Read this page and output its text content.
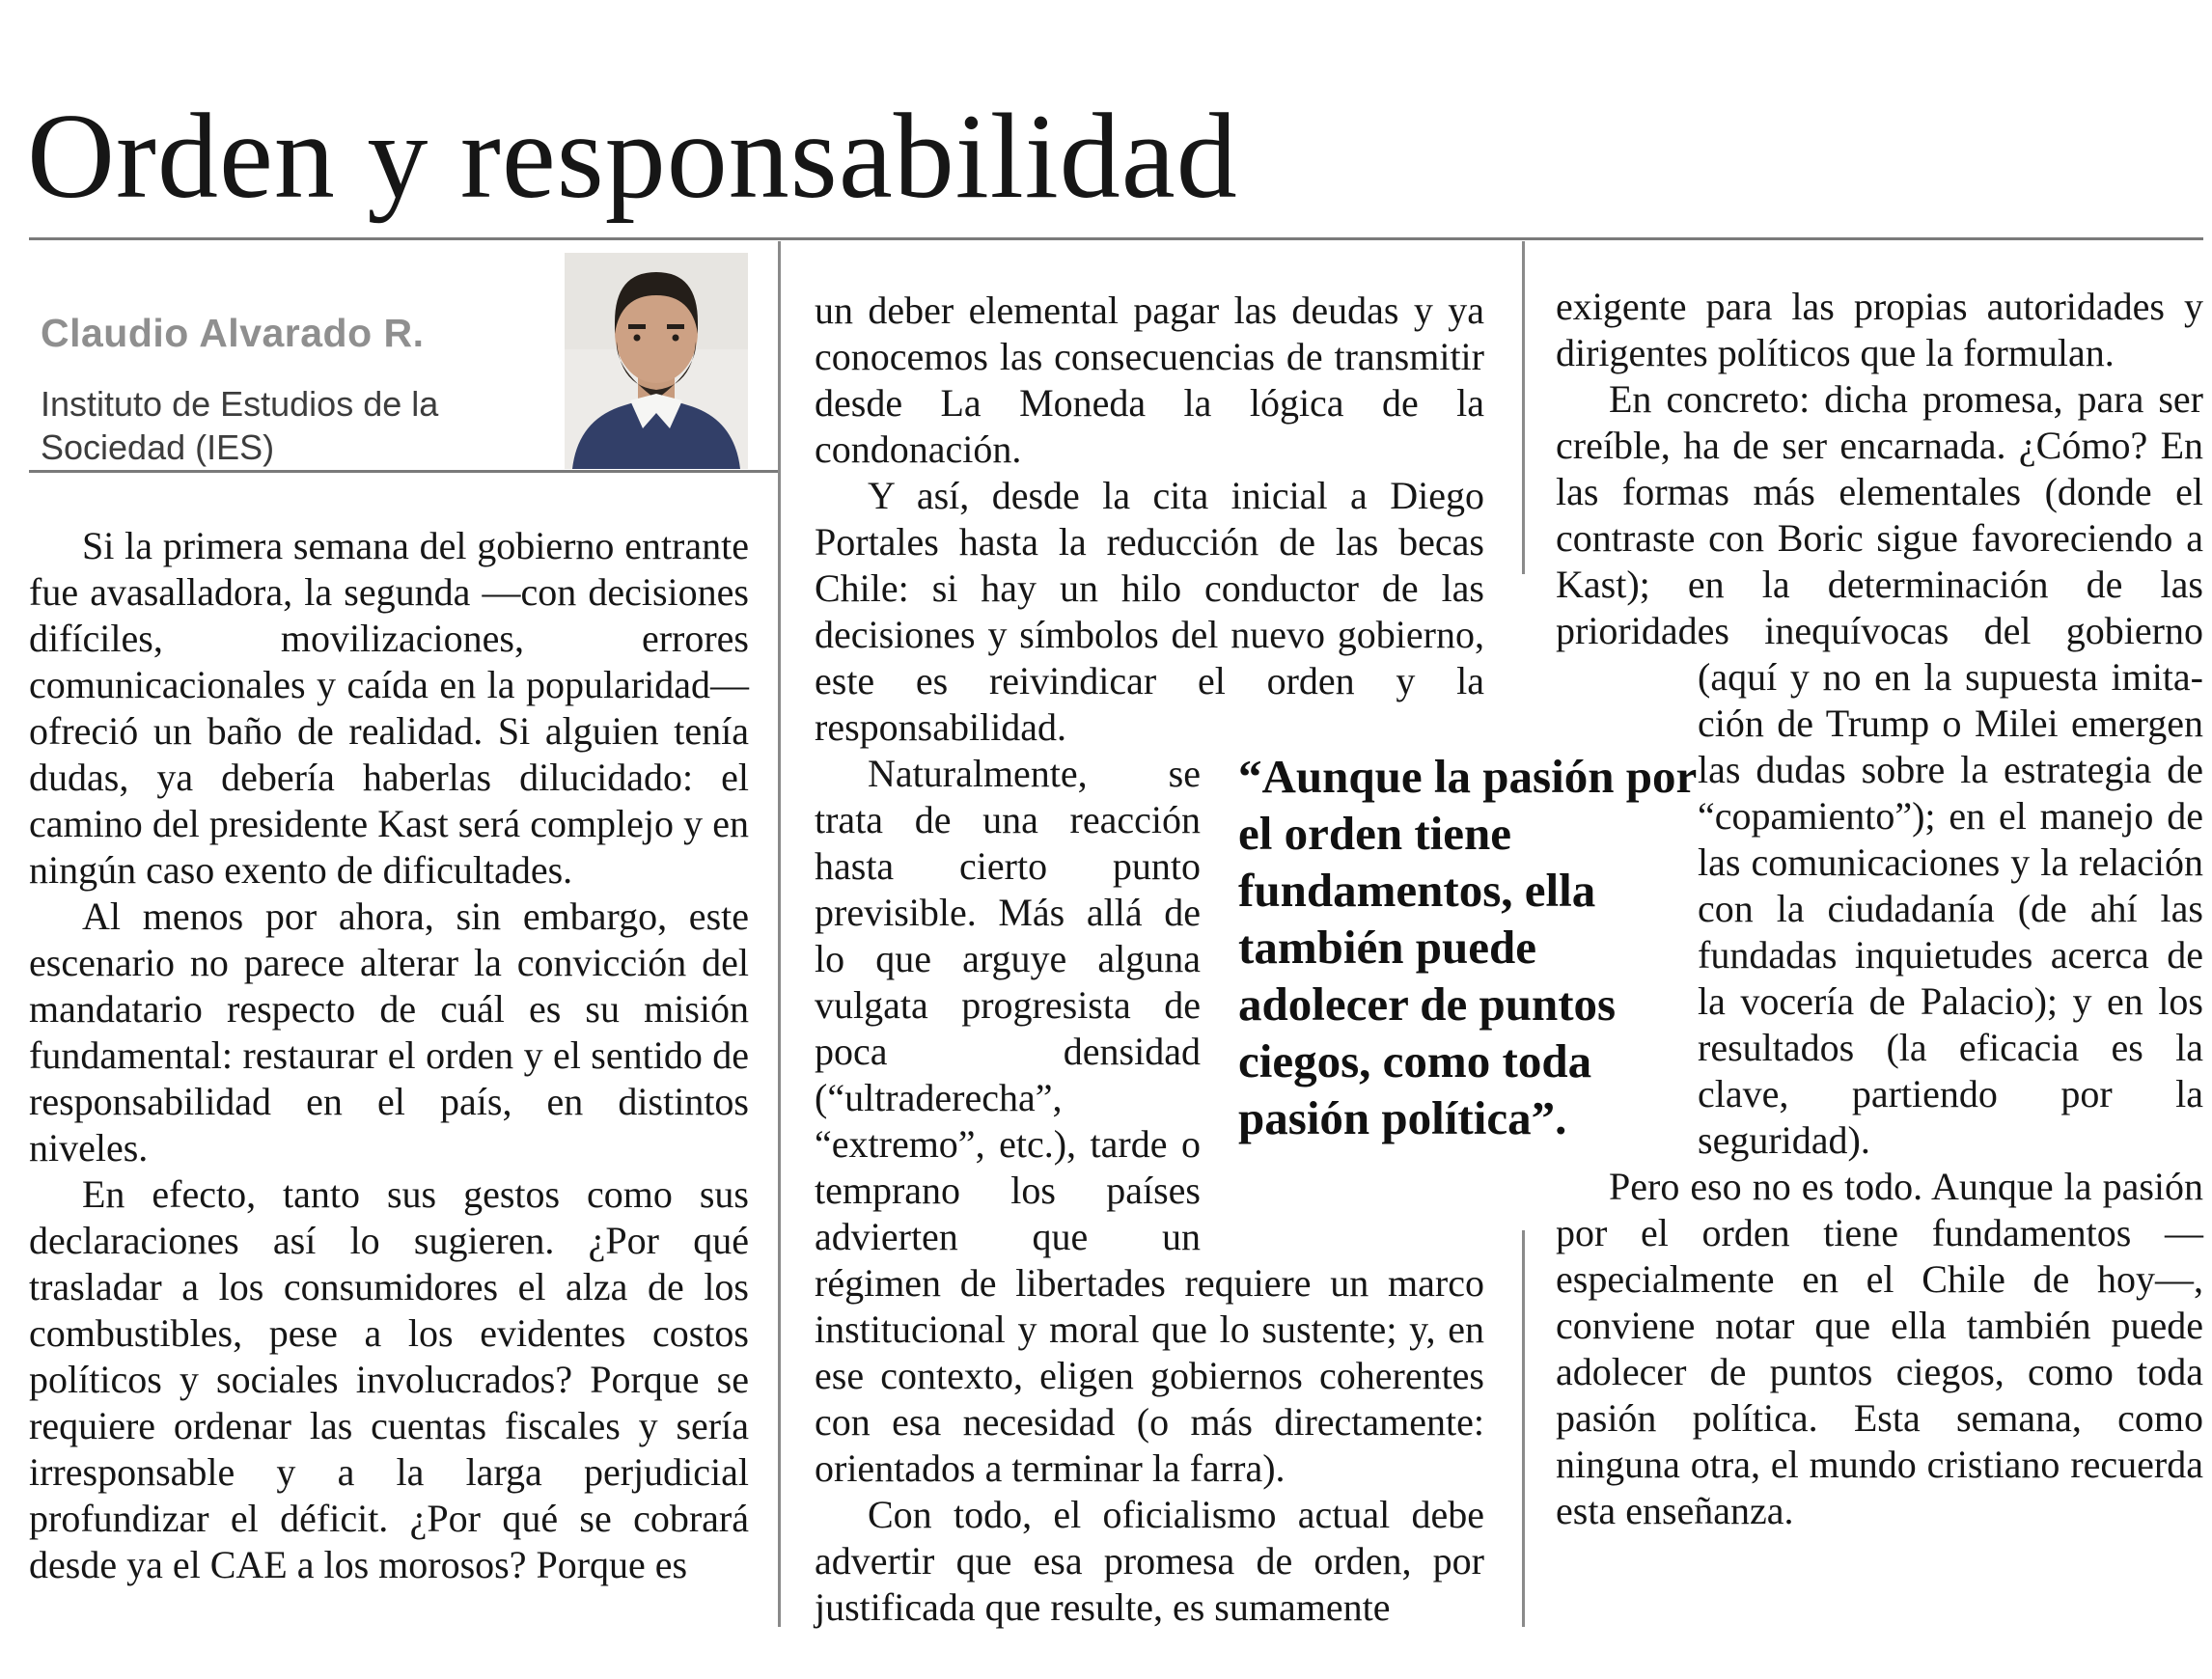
Orden y responsabilidad
Claudio Alvarado R.
Instituto de Estudios de la Sociedad (IES)

Si la primera semana del gobierno entrante fue avasalladora, la segunda —con decisiones difíciles, movilizaciones, errores comunicacionales y caída en la popularidad— ofreció un baño de realidad. Si alguien tenía dudas, ya debería haberlas dilucidado: el camino del presidente Kast será complejo y en ningún caso exento de dificultades.

Al menos por ahora, sin embargo, este escenario no parece alterar la convicción del mandatario respecto de cuál es su misión fundamental: restaurar el orden y el sentido de responsabilidad en el país, en distintos niveles.

En efecto, tanto sus gestos como sus declaraciones así lo sugieren. ¿Por qué trasladar a los consumidores el alza de los combustibles, pese a los evidentes costos políticos y sociales involucrados? Porque se requiere ordenar las cuentas fiscales y sería irresponsable y a la larga perjudicial profundizar el déficit. ¿Por qué se cobrará desde ya el CAE a los morosos? Porque es

un deber elemental pagar las deudas y ya conocemos las consecuencias de transmitir desde La Moneda la lógica de la condonación.

Y así, desde la cita inicial a Diego Portales hasta la reducción de las becas Chile: si hay un hilo conductor de las decisiones y símbolos del nuevo gobierno, este es reivindicar el orden y la responsabilidad.

Naturalmente, se trata de una reacción hasta cierto punto previsible. Más allá de lo que arguye alguna vulgata progresista de poca densidad (“ultraderecha”, “extremo”, etc.), tarde o temprano los países advierten que un régimen de libertades requiere un marco institucional y moral que lo sustente; y, en ese contexto, eligen gobiernos coherentes con esa necesidad (o más directamente: orientados a terminar la farra).

Con todo, el oficialismo actual debe advertir que esa promesa de orden, por justificada que resulte, es sumamente

exigente para las propias autoridades y dirigentes políticos que la formulan.

En concreto: dicha promesa, para ser creíble, ha de ser encarnada. ¿Cómo? En las formas más elementales (donde el contraste con Boric sigue favoreciendo a Kast); en la determinación de las prioridades inequívocas del gobierno (aquí y no en la supuesta imita-
ción de Trump o Milei emergen las dudas sobre la estrategia de “copamiento”); en el manejo de las comunicaciones y la relación con la ciudadanía (de ahí las fundadas inquietudes acerca de la vocería de Palacio); y en los resultados (la eficacia es la clave, partiendo por la seguridad).

Pero eso no es todo. Aunque la pasión por el orden tiene fundamentos —especialmente en el Chile de hoy—, conviene notar que ella también puede adolecer de puntos ciegos, como toda pasión política. Esta semana, como ninguna otra, el mundo cristiano recuerda esta enseñanza.

“Aunque la pasión por el orden tiene fundamentos, ella también puede adolecer de puntos ciegos, como toda pasión política”.
